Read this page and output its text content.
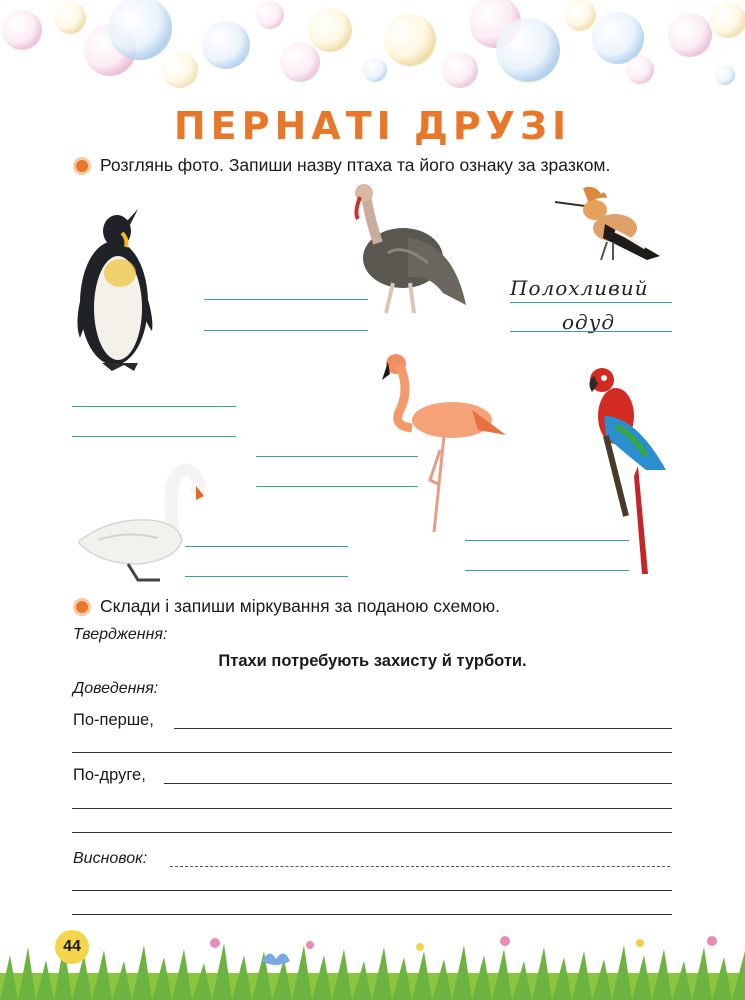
ПЕРНАТІ ДРУЗІ
Розглянь фото. Запиши назву птаха та його ознаку за зразком.
Полохливий
одуд
Склади і запиши міркування за поданою схемою.
Твердження:
Птахи потребують захисту й турботи.
Доведення:
По-перше,
По-друге,
Висновок:
44
